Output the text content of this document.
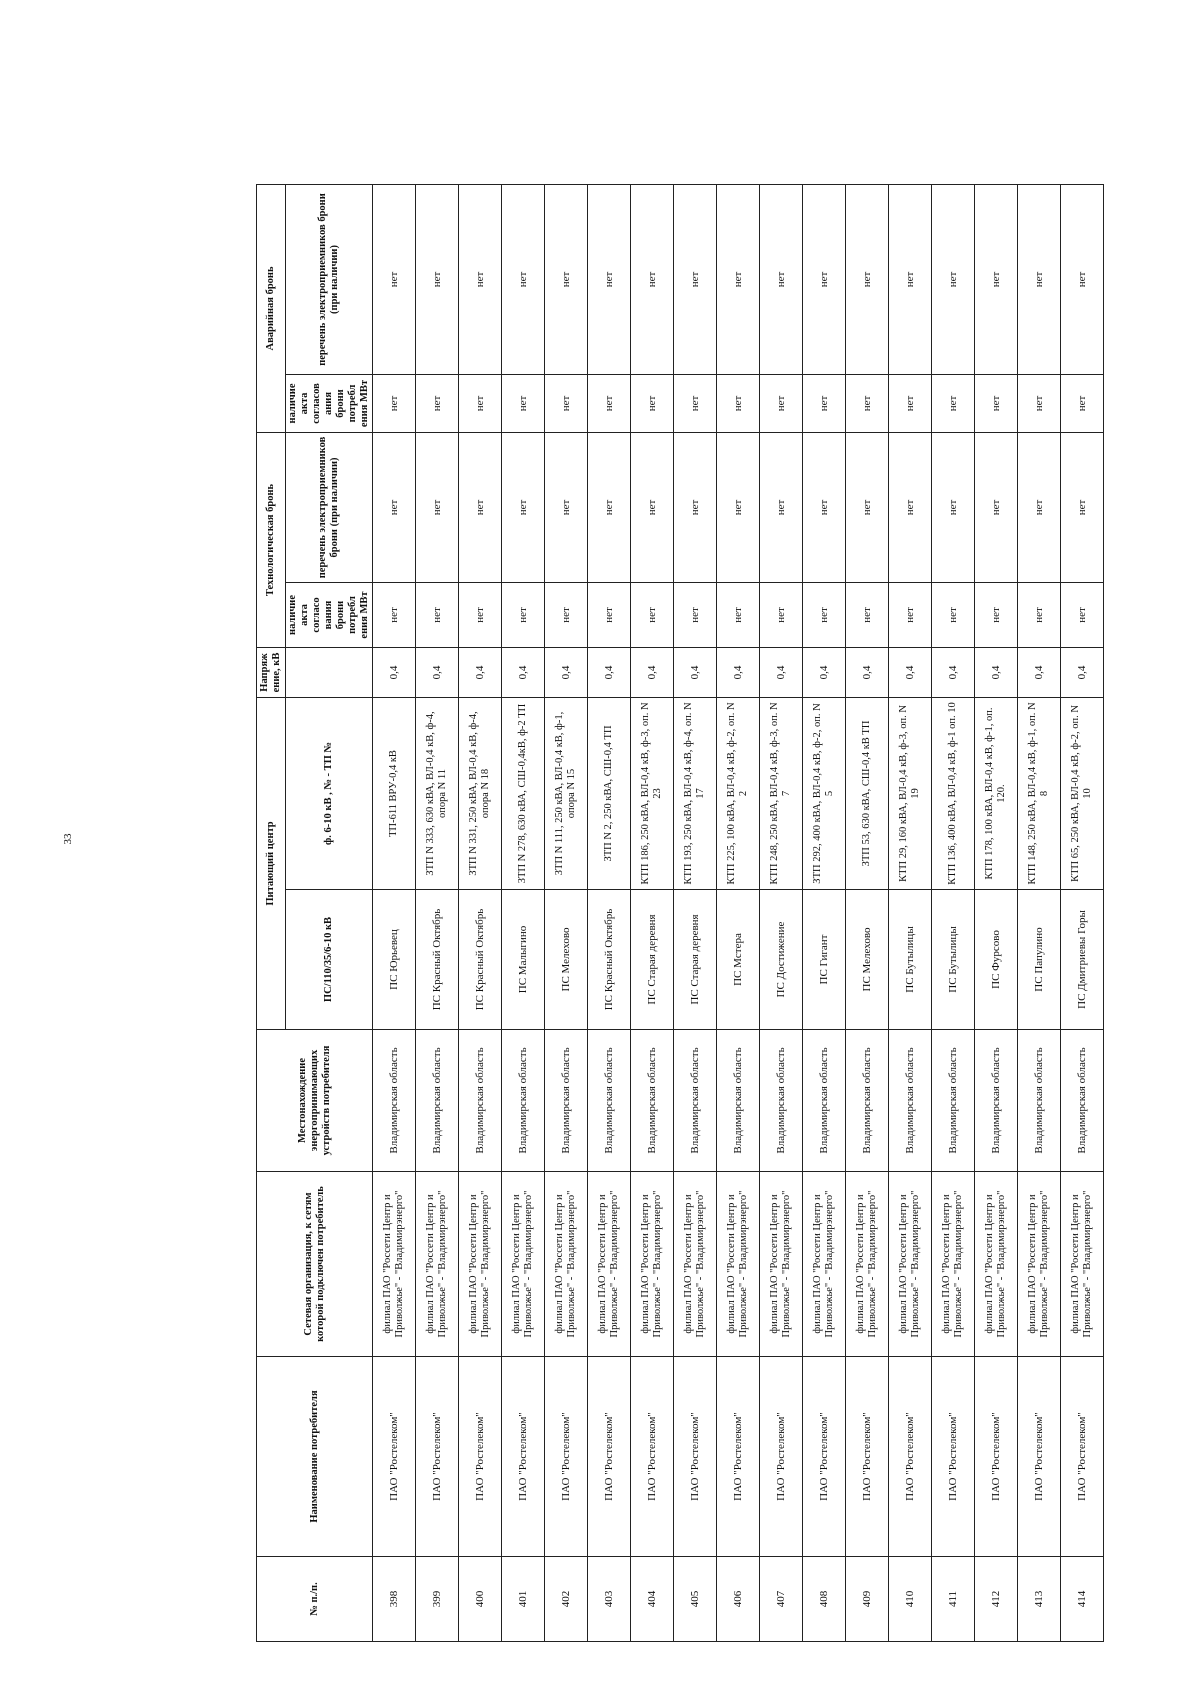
33
№ п./п.	Наименование потребителя	Сетевая организация, к сетям которой подключен потребитель	Местонахождение энергопринимающих устройств потребителя	Питающий центр		Напряж ение, кВ	Технологическая бронь		Аварийная бронь	
				ПС/110/35/6-10 кВ	ф. 6-10 кВ , № - ТП №		наличие акта согласо вания брони потребл ения МВт	перечень электроприемников брони (при наличии)	наличие акта согласов ания брони потребл ения МВт	перечень электроприемников брони (при наличии)
398	ПАО "Ростелеком"	филиал ПАО "Россети Центр и Приволжье" - "Владимирэнерго"	Владимирская область	ПС Юрьевец	ТП-611 ВРУ-0,4 кВ	0,4	нет	нет	нет	нет
399	ПАО "Ростелеком"	филиал ПАО "Россети Центр и Приволжье" - "Владимирэнерго"	Владимирская область	ПС Красный Октябрь	ЗТП N 333, 630 кВА, ВЛ-0,4 кВ, ф-4, опора N 11	0,4	нет	нет	нет	нет
400	ПАО "Ростелеком"	филиал ПАО "Россети Центр и Приволжье" - "Владимирэнерго"	Владимирская область	ПС Красный Октябрь	ЗТП N 331, 250 кВА, ВЛ-0,4 кВ, ф-4, опора N 18	0,4	нет	нет	нет	нет
401	ПАО "Ростелеком"	филиал ПАО "Россети Центр и Приволжье" - "Владимирэнерго"	Владимирская область	ПС Малыгино	ЗТП N 278, 630 кВА, СШ-0,4кВ, ф-2 ТП	0,4	нет	нет	нет	нет
402	ПАО "Ростелеком"	филиал ПАО "Россети Центр и Приволжье" - "Владимирэнерго"	Владимирская область	ПС Мелехово	ЗТП N 111, 250 кВА, ВЛ-0,4 кВ, ф-1, опора N 15	0,4	нет	нет	нет	нет
403	ПАО "Ростелеком"	филиал ПАО "Россети Центр и Приволжье" - "Владимирэнерго"	Владимирская область	ПС Красный Октябрь	ЗТП N 2, 250 кВА, СШ-0,4 ТП	0,4	нет	нет	нет	нет
404	ПАО "Ростелеком"	филиал ПАО "Россети Центр и Приволжье" - "Владимирэнерго"	Владимирская область	ПС Старая деревня	КТП 186, 250 кВА, ВЛ-0,4 кВ, ф-3, оп. N 23	0,4	нет	нет	нет	нет
405	ПАО "Ростелеком"	филиал ПАО "Россети Центр и Приволжье" - "Владимирэнерго"	Владимирская область	ПС Старая деревня	КТП 193, 250 кВА, ВЛ-0,4 кВ, ф-4, оп. N 17	0,4	нет	нет	нет	нет
406	ПАО "Ростелеком"	филиал ПАО "Россети Центр и Приволжье" - "Владимирэнерго"	Владимирская область	ПС Мстера	КТП 225, 100 кВА, ВЛ-0,4 кВ, ф-2, оп. N 2	0,4	нет	нет	нет	нет
407	ПАО "Ростелеком"	филиал ПАО "Россети Центр и Приволжье" - "Владимирэнерго"	Владимирская область	ПС Достижение	КТП 248, 250 кВА, ВЛ-0,4 кВ, ф-3, оп. N 7	0,4	нет	нет	нет	нет
408	ПАО "Ростелеком"	филиал ПАО "Россети Центр и Приволжье" - "Владимирэнерго"	Владимирская область	ПС Гигант	ЗТП 292, 400 кВА, ВЛ-0,4 кВ, ф-2, оп. N 5	0,4	нет	нет	нет	нет
409	ПАО "Ростелеком"	филиал ПАО "Россети Центр и Приволжье" - "Владимирэнерго"	Владимирская область	ПС Мелехово	ЗТП 53, 630 кВА, СШ-0,4 кВ ТП	0,4	нет	нет	нет	нет
410	ПАО "Ростелеком"	филиал ПАО "Россети Центр и Приволжье" - "Владимирэнерго"	Владимирская область	ПС Бутылицы	КТП 29, 160 кВА, ВЛ-0,4 кВ, ф-3, оп. N 19	0,4	нет	нет	нет	нет
411	ПАО "Ростелеком"	филиал ПАО "Россети Центр и Приволжье" - "Владимирэнерго"	Владимирская область	ПС Бутылицы	КТП 136, 400 кВА, ВЛ-0,4 кВ, ф-1 оп. 10	0,4	нет	нет	нет	нет
412	ПАО "Ростелеком"	филиал ПАО "Россети Центр и Приволжье" - "Владимирэнерго"	Владимирская область	ПС Фурсово	КТП 178, 100 кВА, ВЛ-0,4 кВ, ф-1, оп. 120.	0,4	нет	нет	нет	нет
413	ПАО "Ростелеком"	филиал ПАО "Россети Центр и Приволжье" - "Владимирэнерго"	Владимирская область	ПС Папулино	КТП 148, 250 кВА, ВЛ-0,4 кВ, ф-1, оп. N 8	0,4	нет	нет	нет	нет
414	ПАО "Ростелеком"	филиал ПАО "Россети Центр и Приволжье" - "Владимирэнерго"	Владимирская область	ПС Дмитриевы Горы	КТП 65, 250 кВА, ВЛ-0,4 кВ, ф-2, оп. N 10	0,4	нет	нет	нет	нет
